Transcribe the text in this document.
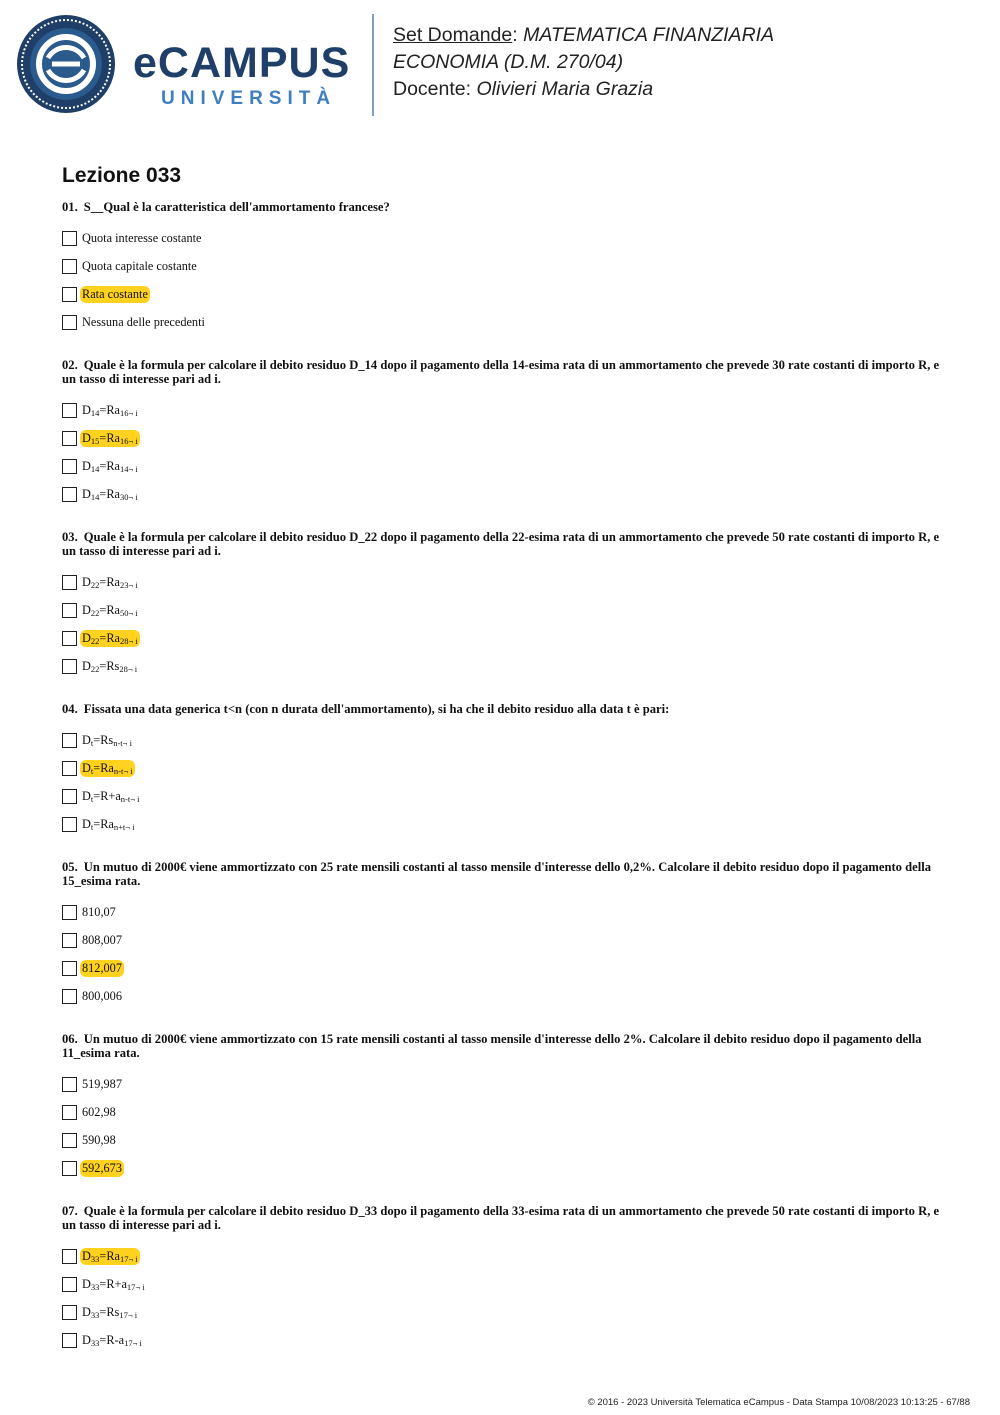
eCAMPUS
UNIVERSITÀ
Set Domande: MATEMATICA FINANZIARIA
ECONOMIA (D.M. 270/04)
Docente: Olivieri Maria Grazia
Lezione 033
01. S__Qual è la caratteristica dell'ammortamento francese?
Quota interesse costante
Quota capitale costante
Rata costante
Nessuna delle precedenti
02. Quale è la formula per calcolare il debito residuo D_14 dopo il pagamento della 14-esima rata di un ammortamento che prevede 30 rate costanti di importo R, e un tasso di interesse pari ad i.
$D_{14}=Ra_{16\neg i}$
$D_{15}=Ra_{16\neg i}$
$D_{14}=Ra_{14\neg i}$
$D_{14}=Ra_{30\neg i}$
03. Quale è la formula per calcolare il debito residuo D_22 dopo il pagamento della 22-esima rata di un ammortamento che prevede 50 rate costanti di importo R, e un tasso di interesse pari ad i.
$D_{22}=Ra_{23\neg i}$
$D_{22}=Ra_{50\neg i}$
$D_{22}=Ra_{28\neg i}$
$D_{22}=Rs_{28\neg i}$
04. Fissata una data generica t<n (con n durata dell'ammortamento), si ha che il debito residuo alla data t è pari:
$D_t=Rs_{n-t\neg i}$
$D_t=Ra_{n-t\neg i}$
$D_t=R+a_{n-t\neg i}$
$D_t=Ra_{n+t\neg i}$
05. Un mutuo di 2000€ viene ammortizzato con 25 rate mensili costanti al tasso mensile d'interesse dello 0,2%. Calcolare il debito residuo dopo il pagamento della 15_esima rata.
810,07
808,007
812,007
800,006
06. Un mutuo di 2000€ viene ammortizzato con 15 rate mensili costanti al tasso mensile d'interesse dello 2%. Calcolare il debito residuo dopo il pagamento della 11_esima rata.
519,987
602,98
590,98
592,673
07. Quale è la formula per calcolare il debito residuo D_33 dopo il pagamento della 33-esima rata di un ammortamento che prevede 50 rate costanti di importo R, e un tasso di interesse pari ad i.
$D_{33}=Ra_{17\neg i}$
$D_{33}=R+a_{17\neg i}$
$D_{33}=Rs_{17\neg i}$
$D_{33}=R-a_{17\neg i}$
© 2016 - 2023 Università Telematica eCampus - Data Stampa 10/08/2023 10:13:25 - 67/88
